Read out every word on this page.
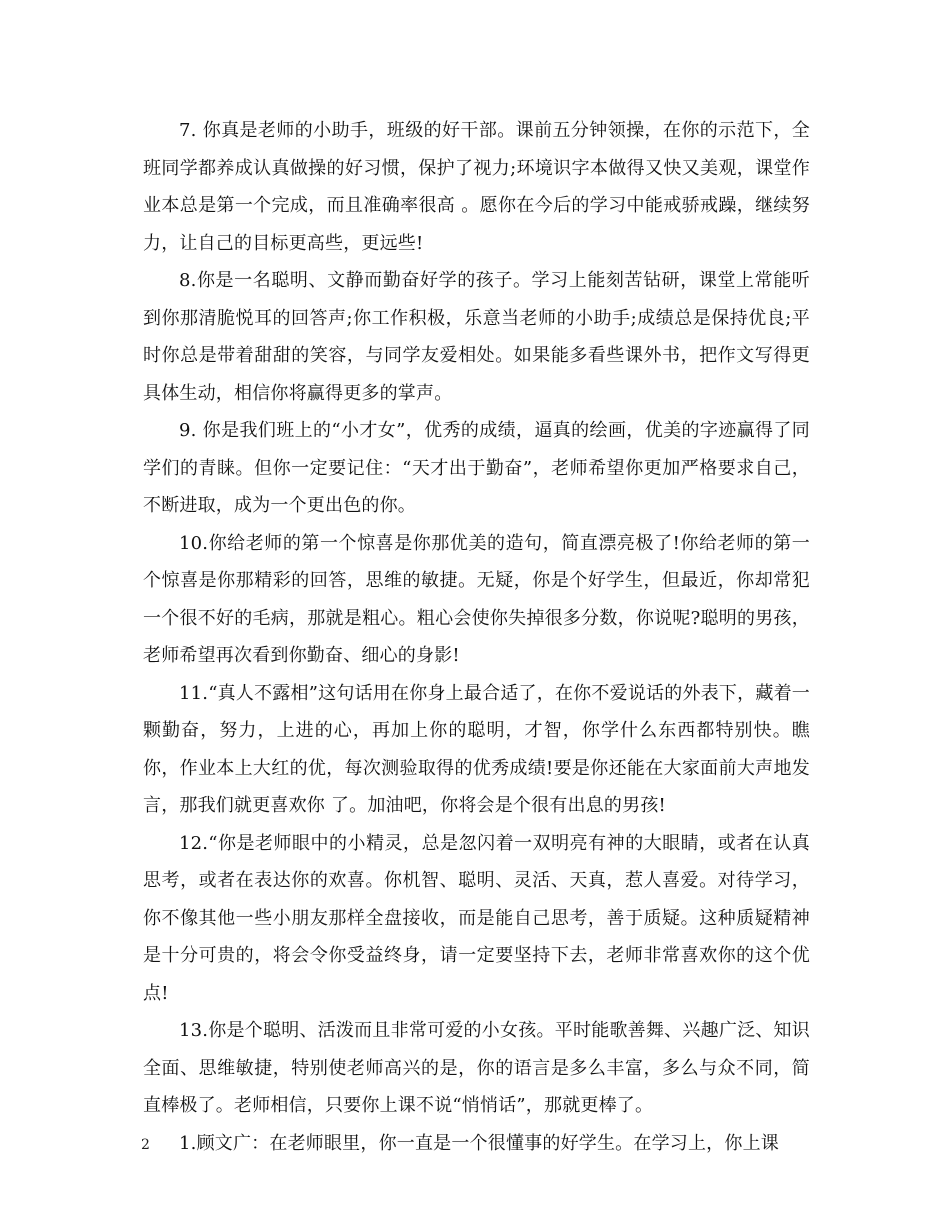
7. 你真是老师的小助手，班级的好干部。课前五分钟领操，在你的示范下，全班同学都养成认真做操的好习惯，保护了视力;环境识字本做得又快又美观，课堂作业本总是第一个完成，而且准确率很高 。愿你在今后的学习中能戒骄戒躁，继续努力，让自己的目标更高些，更远些!

8.你是一名聪明、文静而勤奋好学的孩子。学习上能刻苦钻研，课堂上常能听到你那清脆悦耳的回答声;你工作积极，乐意当老师的小助手;成绩总是保持优良;平时你总是带着甜甜的笑容，与同学友爱相处。如果能多看些课外书，把作文写得更具体生动，相信你将赢得更多的掌声。

9. 你是我们班上的“小才女”，优秀的成绩，逼真的绘画，优美的字迹赢得了同学们的青睐。但你一定要记住：“天才出于勤奋”，老师希望你更加严格要求自己，不断进取，成为一个更出色的你。

10.你给老师的第一个惊喜是你那优美的造句，简直漂亮极了!你给老师的第一个惊喜是你那精彩的回答，思维的敏捷。无疑，你是个好学生，但最近，你却常犯一个很不好的毛病，那就是粗心。粗心会使你失掉很多分数，你说呢?聪明的男孩，老师希望再次看到你勤奋、细心的身影!

11.“真人不露相”这句话用在你身上最合适了，在你不爱说话的外表下，藏着一颗勤奋，努力，上进的心，再加上你的聪明，才智，你学什么东西都特别快。瞧你，作业本上大红的优，每次测验取得的优秀成绩!要是你还能在大家面前大声地发言，那我们就更喜欢你 了。加油吧，你将会是个很有出息的男孩!

12.“你是老师眼中的小精灵，总是忽闪着一双明亮有神的大眼睛，或者在认真思考，或者在表达你的欢喜。你机智、聪明、灵活、天真，惹人喜爱。对待学习，你不像其他一些小朋友那样全盘接收，而是能自己思考，善于质疑。这种质疑精神是十分可贵的，将会令你受益终身，请一定要坚持下去，老师非常喜欢你的这个优点!

13.你是个聪明、活泼而且非常可爱的小女孩。平时能歌善舞、兴趣广泛、知识全面、思维敏捷，特别使老师高兴的是，你的语言是多么丰富，多么与众不同，简直棒极了。老师相信，只要你上课不说“悄悄话”，那就更棒了。

1.顾文广：在老师眼里，你一直是一个很懂事的好学生。在学习上，你上课

2
